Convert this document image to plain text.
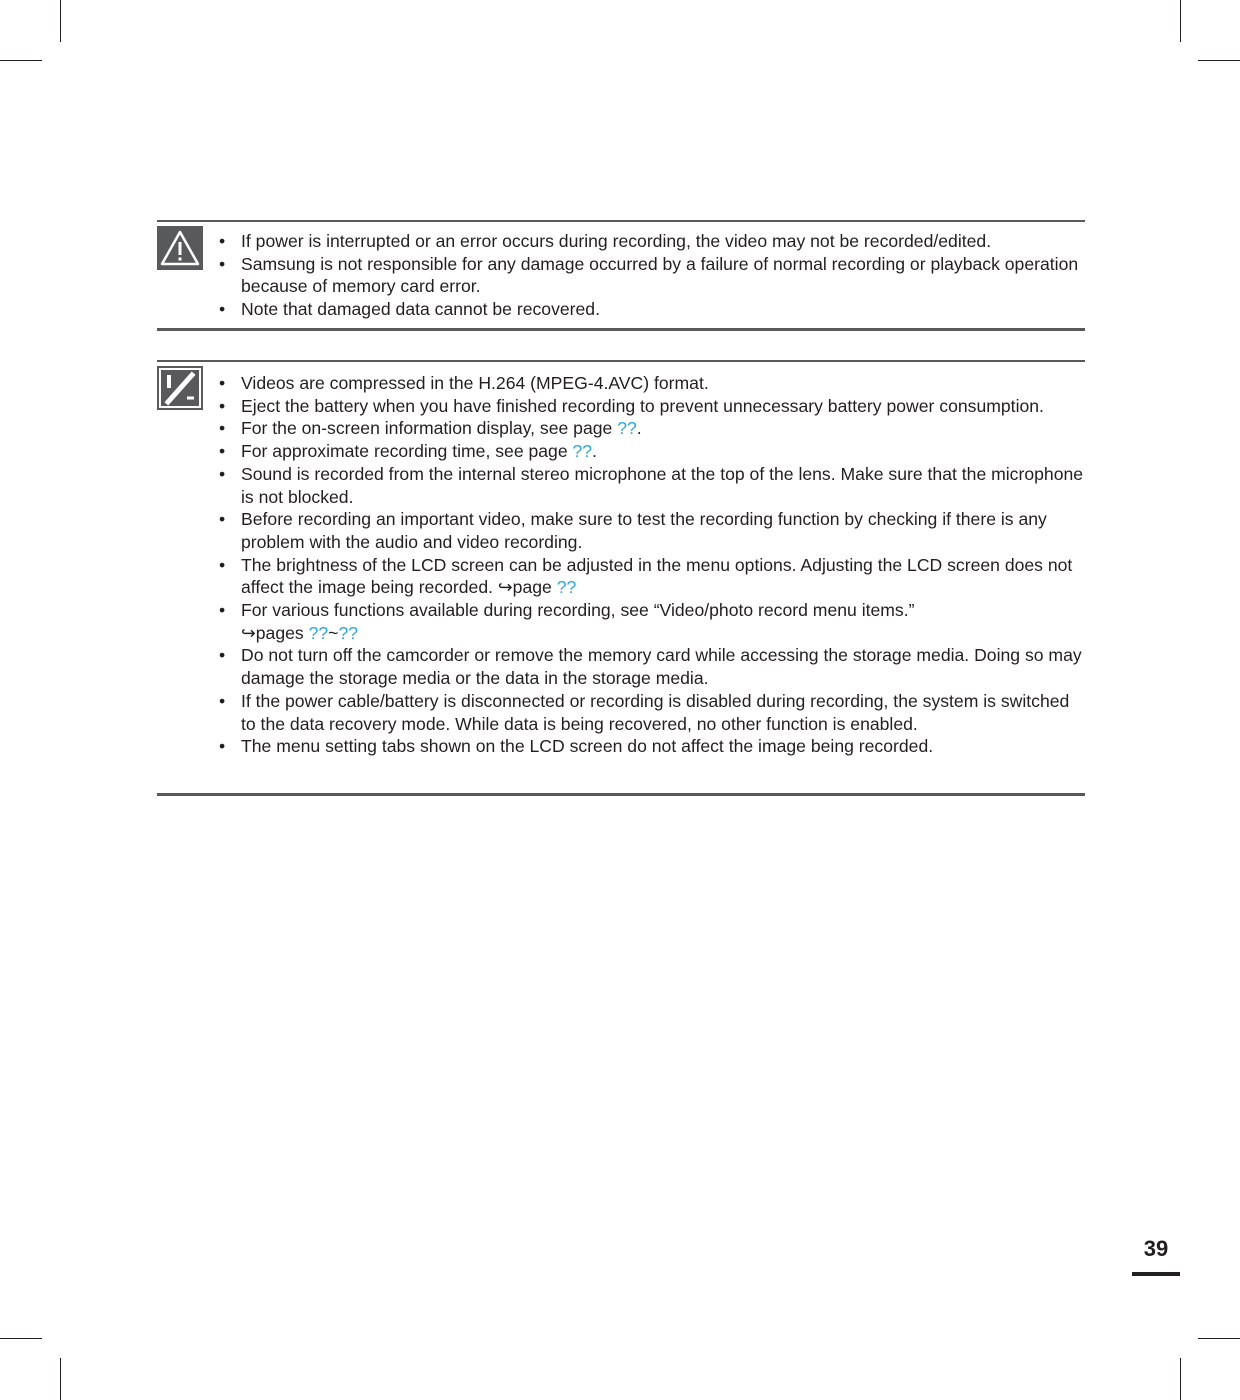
• If power is interrupted or an error occurs during recording, the video may not be recorded/edited.
• Samsung is not responsible for any damage occurred by a failure of normal recording or playback operation because of memory card error.
• Note that damaged data cannot be recovered.
• Videos are compressed in the H.264 (MPEG-4.AVC) format.
• Eject the battery when you have finished recording to prevent unnecessary battery power consumption.
• For the on-screen information display, see page ??.
• For approximate recording time, see page ??.
• Sound is recorded from the internal stereo microphone at the top of the lens. Make sure that the microphone is not blocked.
• Before recording an important video, make sure to test the recording function by checking if there is any problem with the audio and video recording.
• The brightness of the LCD screen can be adjusted in the menu options. Adjusting the LCD screen does not affect the image being recorded. ↪page ??
• For various functions available during recording, see “Video/photo record menu items.”
↪pages ??~??
• Do not turn off the camcorder or remove the memory card while accessing the storage media. Doing so may damage the storage media or the data in the storage media.
• If the power cable/battery is disconnected or recording is disabled during recording, the system is switched to the data recovery mode. While data is being recovered, no other function is enabled.
• The menu setting tabs shown on the LCD screen do not affect the image being recorded.
39
